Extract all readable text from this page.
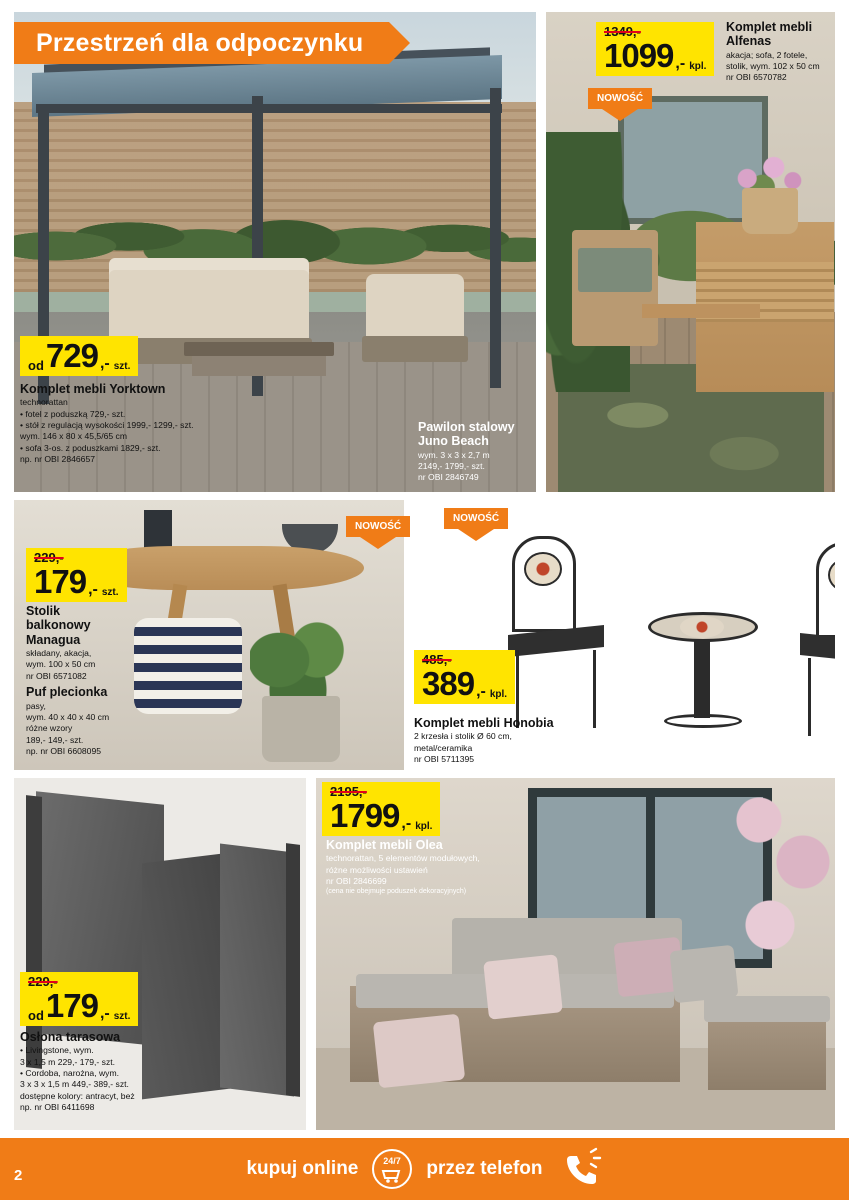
Przestrzeń dla odpoczynku
od 729 ,- szt.
Komplet mebli Yorktown
technorattan
• fotel z poduszką 729,- szt.
• stół z regulacją wysokości 1999,- 1299,- szt.
wym. 146 x 80 x 45,5/65 cm
• sofa 3-os. z poduszkami 1829,- szt.
np. nr OBI 2846657
Pawilon stalowy
Juno Beach
wym. 3 x 3 x 2,7 m
2149,- 1799,- szt.
nr OBI 2846749
1349,-
1099 ,- kpl.
NOWOŚĆ
Komplet mebli
Alfenas
akacja; sofa, 2 fotele,
stolik, wym. 102 x 50 cm
nr OBI 6570782
NOWOŚĆ
229,-
179 ,- szt.
Stolik
balkonowy
Managua
składany, akacja,
wym. 100 x 50 cm
nr OBI 6571082
Puf plecionka
pasy,
wym. 40 x 40 x 40 cm
różne wzory
189,- 149,- szt.
np. nr OBI 6608095
NOWOŚĆ
485,-
389 ,- kpl.
Komplet mebli Honobia
2 krzesła i stolik Ø 60 cm,
metal/ceramika
nr OBI 5711395
229,-
od 179 ,- szt.
Osłona tarasowa
• Livingstone, wym.
3 x 1,5 m 229,- 179,- szt.
• Cordoba, narożna, wym.
3 x 3 x 1,5 m 449,- 389,- szt.
dostępne kolory: antracyt, beż
np. nr OBI 6411698
2195,-
1799 ,- kpl.
Komplet mebli Olea
technorattan, 5 elementów modułowych,
różne możliwości ustawień
nr OBI 2846699
(cena nie obejmuje poduszek dekoracyjnych)
kupuj online	24/7 przez telefon
2
